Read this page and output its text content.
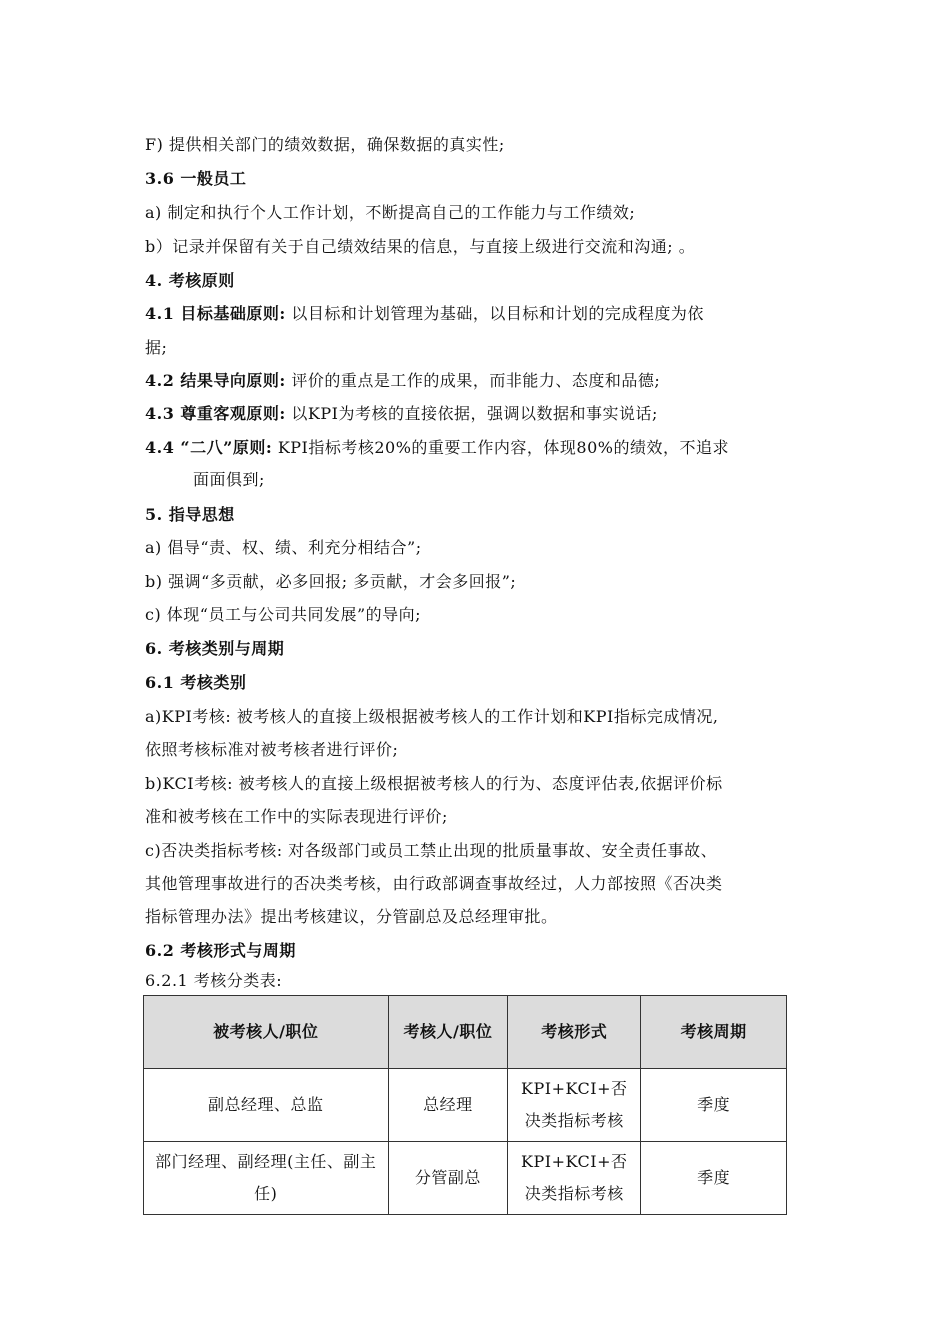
F) 提供相关部门的绩效数据，确保数据的真实性;
3.6 一般员工
a) 制定和执行个人工作计划，不断提高自己的工作能力与工作绩效;
b）记录并保留有关于自己绩效结果的信息，与直接上级进行交流和沟通; 。
4. 考核原则
4.1 目标基础原则: 以目标和计划管理为基础，以目标和计划的完成程度为依
据;
4.2 结果导向原则: 评价的重点是工作的成果，而非能力、态度和品德;
4.3 尊重客观原则: 以KPI为考核的直接依据，强调以数据和事实说话;
4.4 “二八”原则: KPI指标考核20%的重要工作内容，体现80%的绩效，不追求
面面俱到;
5. 指导思想
a) 倡导“责、权、绩、利充分相结合”;
b) 强调“多贡献，必多回报; 多贡献，才会多回报”;
c) 体现“员工与公司共同发展”的导向;
6. 考核类别与周期
6.1 考核类别
a)KPI考核: 被考核人的直接上级根据被考核人的工作计划和KPI指标完成情况,
依照考核标准对被考核者进行评价;
b)KCI考核: 被考核人的直接上级根据被考核人的行为、态度评估表,依据评价标
准和被考核在工作中的实际表现进行评价;
c)否决类指标考核: 对各级部门或员工禁止出现的批质量事故、安全责任事故、
其他管理事故进行的否决类考核，由行政部调查事故经过，人力部按照《否决类
指标管理办法》提出考核建议，分管副总及总经理审批。
6.2 考核形式与周期
6.2.1 考核分类表:
被考核人/职位	考核人/职位	考核形式	考核周期
副总经理、总监	总经理	KPI+KCI+否决类指标考核	季度
部门经理、副经理(主任、副主任)	分管副总	KPI+KCI+否决类指标考核	季度
